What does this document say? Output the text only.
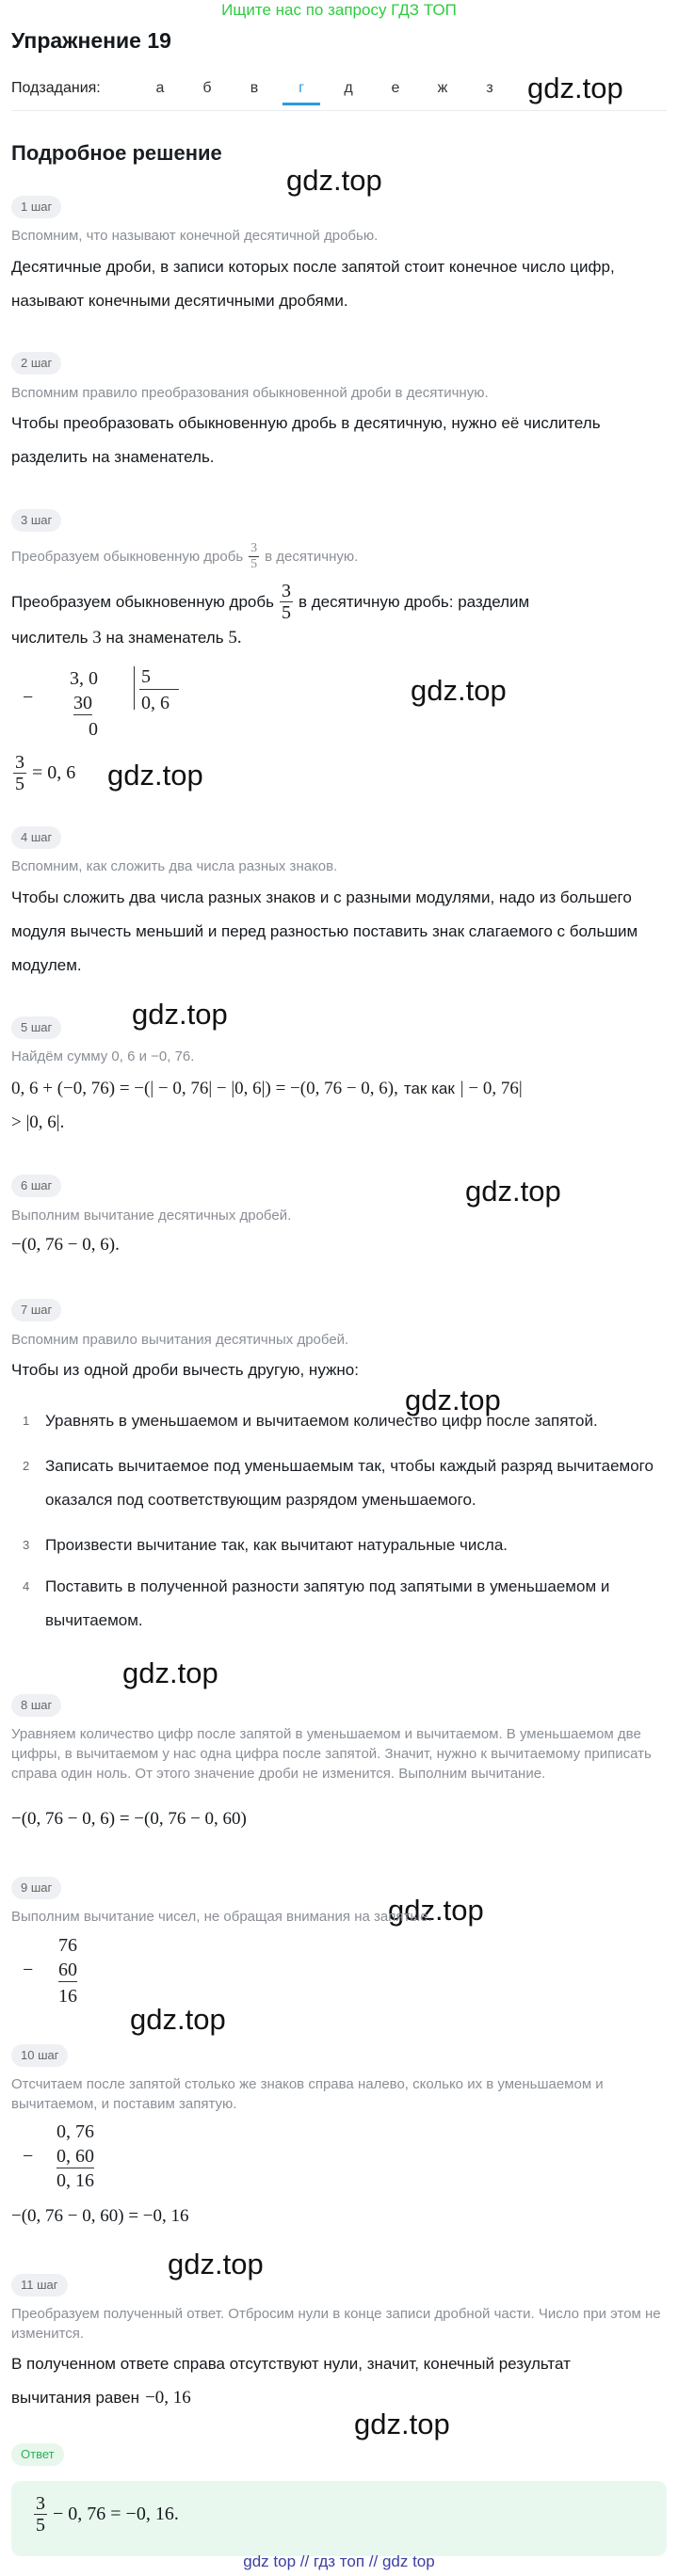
Ищите нас по запросу ГДЗ ТОП
Упражнение 19
Подзадания:	а	б	в	г	д	е	ж	з	gdz.top
gdz.top
gdz.top
gdz.top
gdz.top
gdz.top
gdz.top
gdz.top
gdz.top
gdz.top
gdz.top
gdz.top
Подробное решение
1 шаг
Вспомним, что называют конечной десятичной дробью.
Десятичные дроби, в записи которых после запятой стоит конечное число цифр, называют конечными десятичными дробями.
2 шаг
Вспомним правило преобразования обыкновенной дроби в десятичную.
Чтобы преобразовать обыкновенную дробь в десятичную, нужно её числитель разделить на знаменатель.
3 шаг
Преобразуем обыкновенную дробь $\frac{3}{5}$ в десятичную.
Преобразуем обыкновенную дробь $\frac{3}{5}$ в десятичную дробь: разделим
числитель 3 на знаменатель 5.
−
3, 0
30
0
5
0, 6
$\frac{3}{5} = 0$, 6
4 шаг
Вспомним, как сложить два числа разных знаков.
Чтобы сложить два числа разных знаков и с разными модулями, надо из большего модуля вычесть меньший и перед разностью поставить знак слагаемого с большим модулем.
5 шаг
Найдём сумму 0, 6 и −0, 76.
0, 6 + (−0, 76) = −(| − 0, 76| − |0, 6|) = −(0, 76 − 0, 6), так как | − 0, 76|
> |0, 6|.
6 шаг
Выполним вычитание десятичных дробей.
−(0, 76 − 0, 6).
7 шаг
Вспомним правило вычитания десятичных дробей.
Чтобы из одной дроби вычесть другую, нужно:
1 Уравнять в уменьшаемом и вычитаемом количество цифр после запятой.
2 Записать вычитаемое под уменьшаемым так, чтобы каждый разряд вычитаемого оказался под соответствующим разрядом уменьшаемого.
3 Произвести вычитание так, как вычитают натуральные числа.
4 Поставить в полученной разности запятую под запятыми в уменьшаемом и вычитаемом.
8 шаг
Уравняем количество цифр после запятой в уменьшаемом и вычитаемом. В уменьшаемом две цифры, в вычитаемом у нас одна цифра после запятой. Значит, нужно к вычитаемому приписать справа один ноль. От этого значение дроби не изменится. Выполним вычитание.
−(0, 76 − 0, 6) = −(0, 76 − 0, 60)
9 шаг
Выполним вычитание чисел, не обращая внимания на запятые.
−
76
60
16
10 шаг
Отсчитаем после запятой столько же знаков справа налево, сколько их в уменьшаемом и вычитаемом, и поставим запятую.
−
0, 76
0, 60
0, 16
−(0, 76 − 0, 60) = −0, 16
11 шаг
Преобразуем полученный ответ. Отбросим нули в конце записи дробной части. Число при этом не изменится.
В полученном ответе справа отсутствуют нули, значит, конечный результат
вычитания равен −0, 16
Ответ
$\frac{3}{5} - 0$, 76 = −0, 16.
gdz top // гдз топ // gdz top
